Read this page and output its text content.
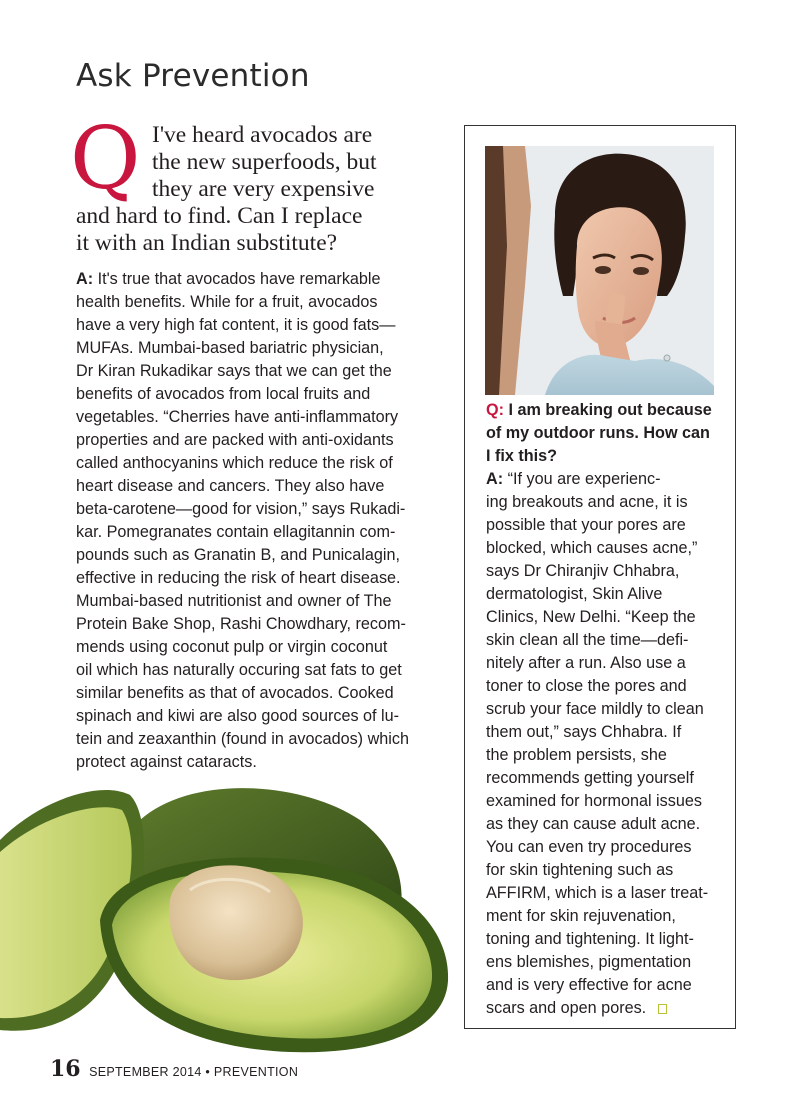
Ask Prevention
Q I've heard avocados are
the new superfoods, but
they are very expensive
and hard to find. Can I replace
it with an Indian substitute?
A: It's true that avocados have remarkable
health benefits. While for a fruit, avocados
have a very high fat content, it is good fats—
MUFAs. Mumbai-based bariatric physician,
Dr Kiran Rukadikar says that we can get the
benefits of avocados from local fruits and
vegetables. “Cherries have anti-inflammatory
properties and are packed with anti-oxidants
called anthocyanins which reduce the risk of
heart disease and cancers. They also have
beta-carotene—good for vision,” says Rukadi-
kar. Pomegranates contain ellagitannin com-
pounds such as Granatin B, and Punicalagin,
effective in reducing the risk of heart disease.
Mumbai-based nutritionist and owner of The
Protein Bake Shop, Rashi Chowdhary, recom-
mends using coconut pulp or virgin coconut
oil which has naturally occuring sat fats to get
similar benefits as that of avocados. Cooked
spinach and kiwi are also good sources of lu-
tein and zeaxanthin (found in avocados) which
protect against cataracts.
Q: I am breaking out because
of my outdoor runs. How can
I fix this?
A: “If you are experienc-
ing breakouts and acne, it is
possible that your pores are
blocked, which causes acne,”
says Dr Chiranjiv Chhabra,
dermatologist, Skin Alive
Clinics, New Delhi. “Keep the
skin clean all the time—defi-
nitely after a run. Also use a
toner to close the pores and
scrub your face mildly to clean
them out,” says Chhabra. If
the problem persists, she
recommends getting yourself
examined for hormonal issues
as they can cause adult acne.
You can even try procedures
for skin tightening such as
AFFIRM, which is a laser treat-
ment for skin rejuvenation,
toning and tightening. It light-
ens blemishes, pigmentation
and is very effective for acne
scars and open pores.
16 SEPTEMBER 2014 • PREVENTION
